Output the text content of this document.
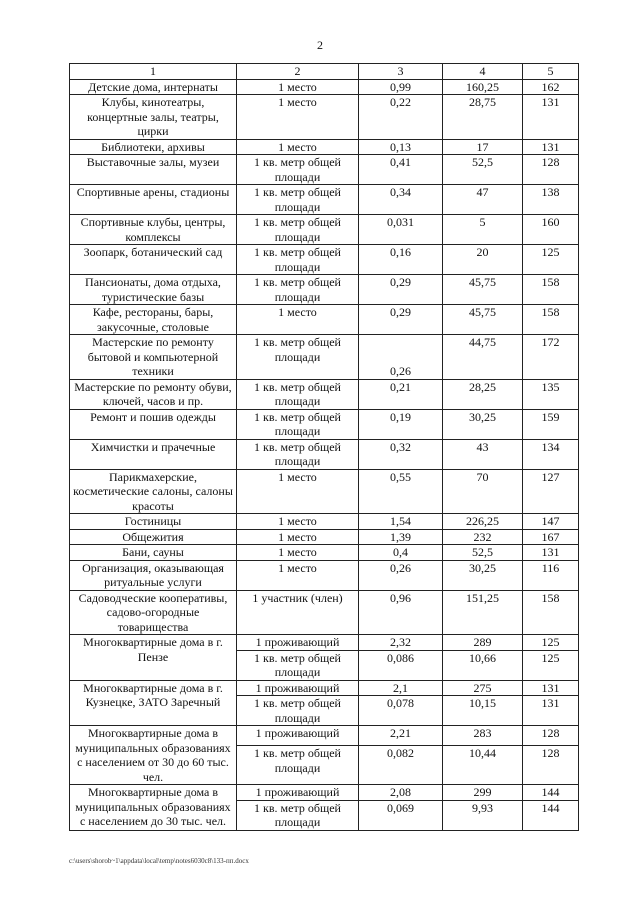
2
1	2	3	4	5
Детские дома, интернаты	1 место	0,99	160,25	162
Клубы, кинотеатры, концертные залы, театры, цирки	1 место	0,22	28,75	131
Библиотеки, архивы	1 место	0,13	17	131
Выставочные залы, музеи	1 кв. метр общей площади	0,41	52,5	128
Спортивные арены, стадионы	1 кв. метр общей площади	0,34	47	138
Спортивные клубы, центры, комплексы	1 кв. метр общей площади	0,031	5	160
Зоопарк, ботанический сад	1 кв. метр общей площади	0,16	20	125
Пансионаты, дома отдыха, туристические базы	1 кв. метр общей площади	0,29	45,75	158
Кафе, рестораны, бары, закусочные, столовые	1 место	0,29	45,75	158
Мастерские по ремонту бытовой и компьютерной техники	1 кв. метр общей площади	0,26	44,75	172
Мастерские по ремонту обуви, ключей, часов и пр.	1 кв. метр общей площади	0,21	28,25	135
Ремонт и пошив одежды	1 кв. метр общей площади	0,19	30,25	159
Химчистки и прачечные	1 кв. метр общей площади	0,32	43	134
Парикмахерские, косметические салоны, салоны красоты	1 место	0,55	70	127
Гостиницы	1 место	1,54	226,25	147
Общежития	1 место	1,39	232	167
Бани, сауны	1 место	0,4	52,5	131
Организация, оказывающая ритуальные услуги	1 место	0,26	30,25	116
Садоводческие кооперативы, садово-огородные товарищества	1 участник (член)	0,96	151,25	158
Многоквартирные дома в г. Пензе	1 проживающий	2,32	289	125
	1 кв. метр общей площади	0,086	10,66	125
Многоквартирные дома в г. Кузнецке, ЗАТО Заречный	1 проживающий	2,1	275	131
	1 кв. метр общей площади	0,078	10,15	131
Многоквартирные дома в муниципальных образованиях с населением от 30 до 60 тыс. чел.	1 проживающий	2,21	283	128
	1 кв. метр общей площади	0,082	10,44	128
Многоквартирные дома в муниципальных образованиях с населением до 30 тыс. чел.	1 проживающий	2,08	299	144
	1 кв. метр общей площади	0,069	9,93	144
c:\users\shorob~1\appdata\local\temp\notes6030c8\133-пп.docx
